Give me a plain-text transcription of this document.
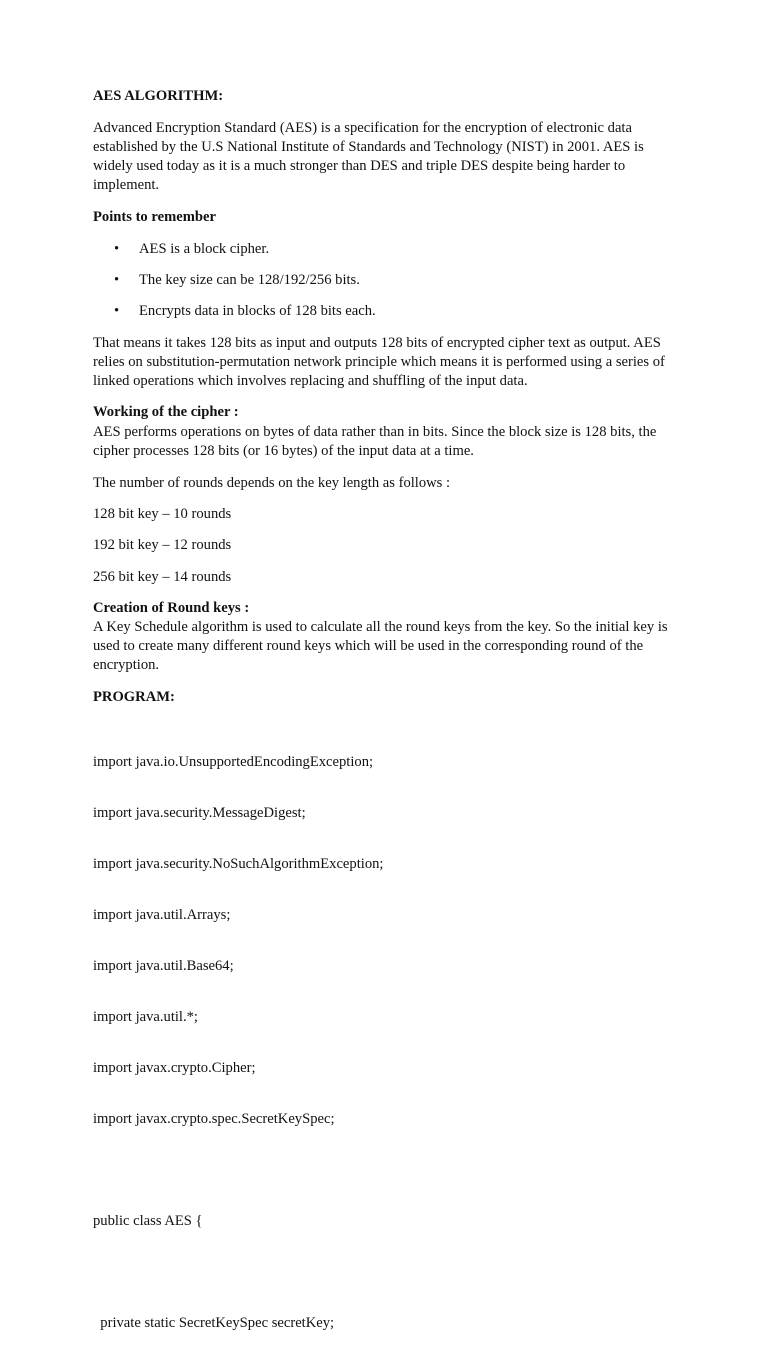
AES ALGORITHM:

Advanced Encryption Standard (AES) is a specification for the encryption of electronic data established by the U.S National Institute of Standards and Technology (NIST) in 2001. AES is widely used today as it is a much stronger than DES and triple DES despite being harder to implement.

Points to remember
• AES is a block cipher.
• The key size can be 128/192/256 bits.
• Encrypts data in blocks of 128 bits each.

That means it takes 128 bits as input and outputs 128 bits of encrypted cipher text as output. AES relies on substitution-permutation network principle which means it is performed using a series of linked operations which involves replacing and shuffling of the input data.

Working of the cipher :

AES performs operations on bytes of data rather than in bits. Since the block size is 128 bits, the cipher processes 128 bits (or 16 bytes) of the input data at a time.

The number of rounds depends on the key length as follows :
128 bit key – 10 rounds
192 bit key – 12 rounds
256 bit key – 14 rounds
Creation of Round keys :

A Key Schedule algorithm is used to calculate all the round keys from the key. So the initial key is used to create many different round keys which will be used in the corresponding round of the encryption.

PROGRAM:

import java.io.UnsupportedEncodingException;

import java.security.MessageDigest;

import java.security.NoSuchAlgorithmException;

import java.util.Arrays;

import java.util.Base64;

import java.util.*;

import javax.crypto.Cipher;

import javax.crypto.spec.SecretKeySpec;

public class AES {

private static SecretKeySpec secretKey;
